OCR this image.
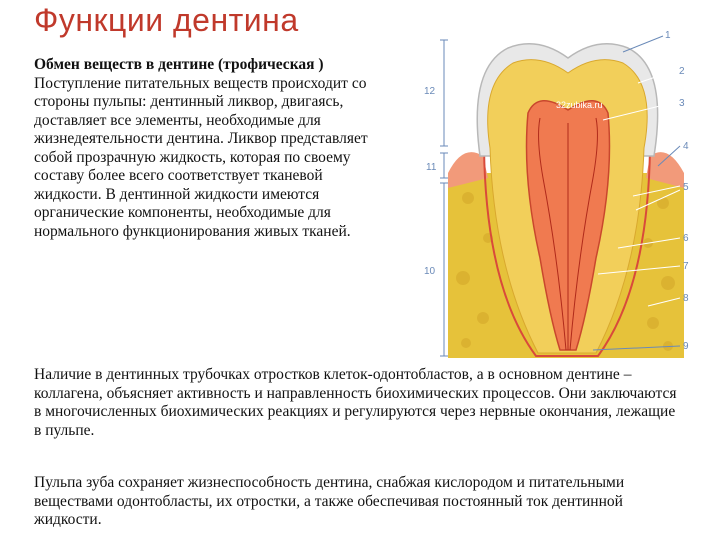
Функции дентина

Обмен веществ в дентине (трофическая ) Поступление питательных веществ происходит со стороны пульпы: дентинный ликвор, двигаясь, доставляет все элементы, необходимые для жизнедеятельности дентина. Ликвор представляет собой прозрачную жидкость, которая по своему составу более всего соответствует тканевой жидкости. В дентинной жидкости имеются органические компоненты, необходимые для нормального функционирования живых тканей.

Наличие в дентинных трубочках отростков клеток-одонтобластов, а в основном дентине – коллагена, объясняет активность и направленность биохимических процессов. Они заключаются в многочисленных биохимических реакциях и регулируются через нервные окончания, лежащие в пульпе.

Пульпа зуба сохраняет жизнеспособность дентина, снабжая кислородом и питательными веществами одонтобласты, их отростки, а также обеспечивая постоянный ток дентинной жидкости.

32zubika.ru
12
11
10
1
2
3
4
5
6
7
8
9
